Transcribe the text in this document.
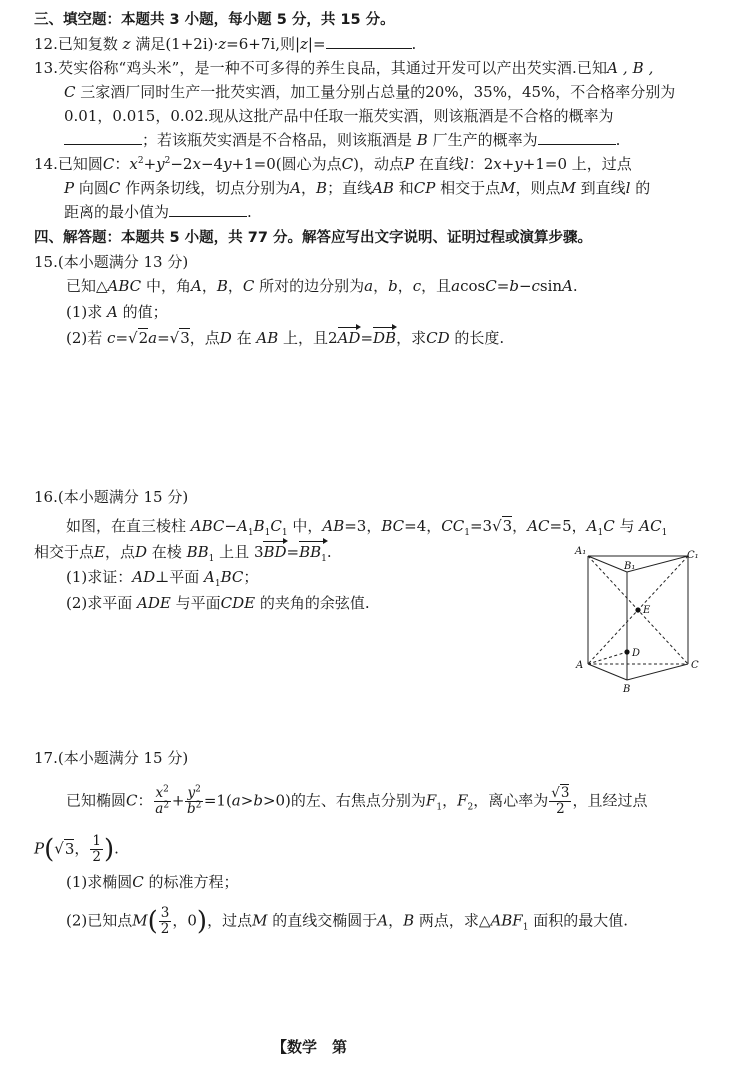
三、填空题：本题共 3 小题，每小题 5 分，共 15 分。
12.已知复数 z 满足(1+2i)·z=6+7i,则|z|=	.
13.芡实俗称“鸡头米”，是一种不可多得的养生良品，其通过开发可以产出芡实酒.已知A , B ,
C 三家酒厂同时生产一批芡实酒，加工量分别占总量的20%，35%，45%，不合格率分别为
0.01，0.015，0.02.现从这批产品中任取一瓶芡实酒，则该瓶酒是不合格的概率为
；若该瓶芡实酒是不合格品，则该瓶酒是 B 厂生产的概率为	.
14.已知圆C：$x^2+y^2-2x-4y+1=0$(圆心为点C)，动点P 在直线l：2x+y+1=0 上，过点
P 向圆C 作两条切线，切点分别为A，B；直线AB 和CP 相交于点M，则点M 到直线l 的
距离的最小值为	.
四、解答题：本题共 5 小题，共 77 分。解答应写出文字说明、证明过程或演算步骤。
15.(本小题满分 13 分)
已知△ABC 中，角A，B，C 所对的边分别为a，b，c，且acosC=b−csinA.
(1)求 A 的值；
(2)若 c=√2a=√3，点D 在 AB 上，且2AD=DB，求CD 的长度.
16.(本小题满分 15 分)
如图，在直三棱柱 $ABC-A_1B_1C_1$ 中，AB=3，BC=4，$CC_1=3√3$，AC=5，$A_1C$ 与 $AC_1$
相交于点E，点D 在棱 $BB_1$ 上且 $3BD=BB_1$.
(1)求证：AD⊥平面 $A_1BC$；
(2)求平面 ADE 与平面CDE 的夹角的余弦值.
A₁
B₁
C₁
E
D
A
B
C
17.(本小题满分 15 分)
已知椭圆C： $\frac{x^2}{a^2} + \frac{y^2}{b^2} =1(a>b>0)$的左、右焦点分别为$F_1$，$F_2$，离心率为 $\frac{√3}{2}$ ，且经过点
P(√3， $\frac{1}{2}$ ).
(1)求椭圆C 的标准方程；
(2)已知点$M( \frac{3}{2}$ ，0)，过点M 的直线交椭圆于A，B 两点，求$\triangle ABF_1$ 面积的最大值.
【数学　第
